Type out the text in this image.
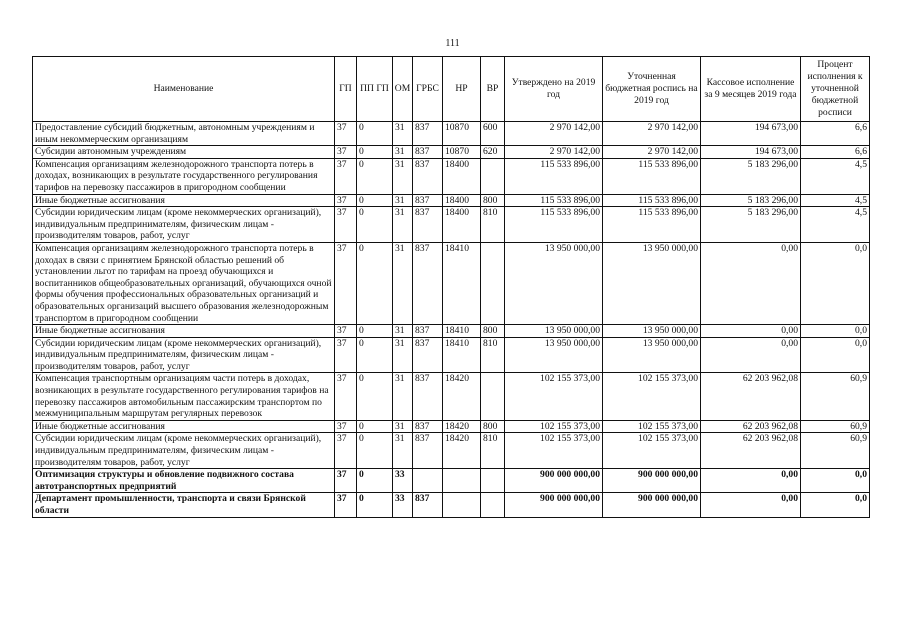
111
Наименование	ГП	ПП ГП	ОМ	ГРБС	НР	ВР	Утверждено на 2019 год	Уточненная бюджетная роспись на 2019 год	Кассовое исполнение за 9 месяцев 2019 года	Процент исполнения к уточненной бюджетной росписи
Предоставление субсидий бюджетным, автономным учреждениям и иным некоммерческим организациям	37	0	31	837	10870	600	2 970 142,00	2 970 142,00	194 673,00	6,6
Субсидии автономным учреждениям	37	0	31	837	10870	620	2 970 142,00	2 970 142,00	194 673,00	6,6
Компенсация организациям железнодорожного транспорта потерь в доходах, возникающих в результате государственного регулирования тарифов на перевозку пассажиров в пригородном сообщении	37	0	31	837	18400		115 533 896,00	115 533 896,00	5 183 296,00	4,5
Иные бюджетные ассигнования	37	0	31	837	18400	800	115 533 896,00	115 533 896,00	5 183 296,00	4,5
Субсидии юридическим лицам (кроме некоммерческих организаций), индивидуальным предпринимателям, физическим лицам - производителям товаров, работ, услуг	37	0	31	837	18400	810	115 533 896,00	115 533 896,00	5 183 296,00	4,5
Компенсация организациям железнодорожного транспорта потерь в доходах в связи с принятием Брянской областью решений об установлении льгот по тарифам на проезд обучающихся и воспитанников общеобразовательных организаций, обучающихся очной формы обучения профессиональных образовательных организаций и образовательных организаций высшего образования железнодорожным транспортом в пригородном сообщении	37	0	31	837	18410		13 950 000,00	13 950 000,00	0,00	0,0
Иные бюджетные ассигнования	37	0	31	837	18410	800	13 950 000,00	13 950 000,00	0,00	0,0
Субсидии юридическим лицам (кроме некоммерческих организаций), индивидуальным предпринимателям, физическим лицам - производителям товаров, работ, услуг	37	0	31	837	18410	810	13 950 000,00	13 950 000,00	0,00	0,0
Компенсация транспортным организациям части потерь в доходах, возникающих в результате государственного регулирования тарифов на перевозку пассажиров автомобильным пассажирским транспортом по межмуниципальным маршрутам регулярных перевозок	37	0	31	837	18420		102 155 373,00	102 155 373,00	62 203 962,08	60,9
Иные бюджетные ассигнования	37	0	31	837	18420	800	102 155 373,00	102 155 373,00	62 203 962,08	60,9
Субсидии юридическим лицам (кроме некоммерческих организаций), индивидуальным предпринимателям, физическим лицам - производителям товаров, работ, услуг	37	0	31	837	18420	810	102 155 373,00	102 155 373,00	62 203 962,08	60,9
Оптимизация структуры и обновление подвижного состава автотранспортных предприятий	37	0	33				900 000 000,00	900 000 000,00	0,00	0,0
Департамент промышленности, транспорта и связи Брянской области	37	0	33	837			900 000 000,00	900 000 000,00	0,00	0,0
